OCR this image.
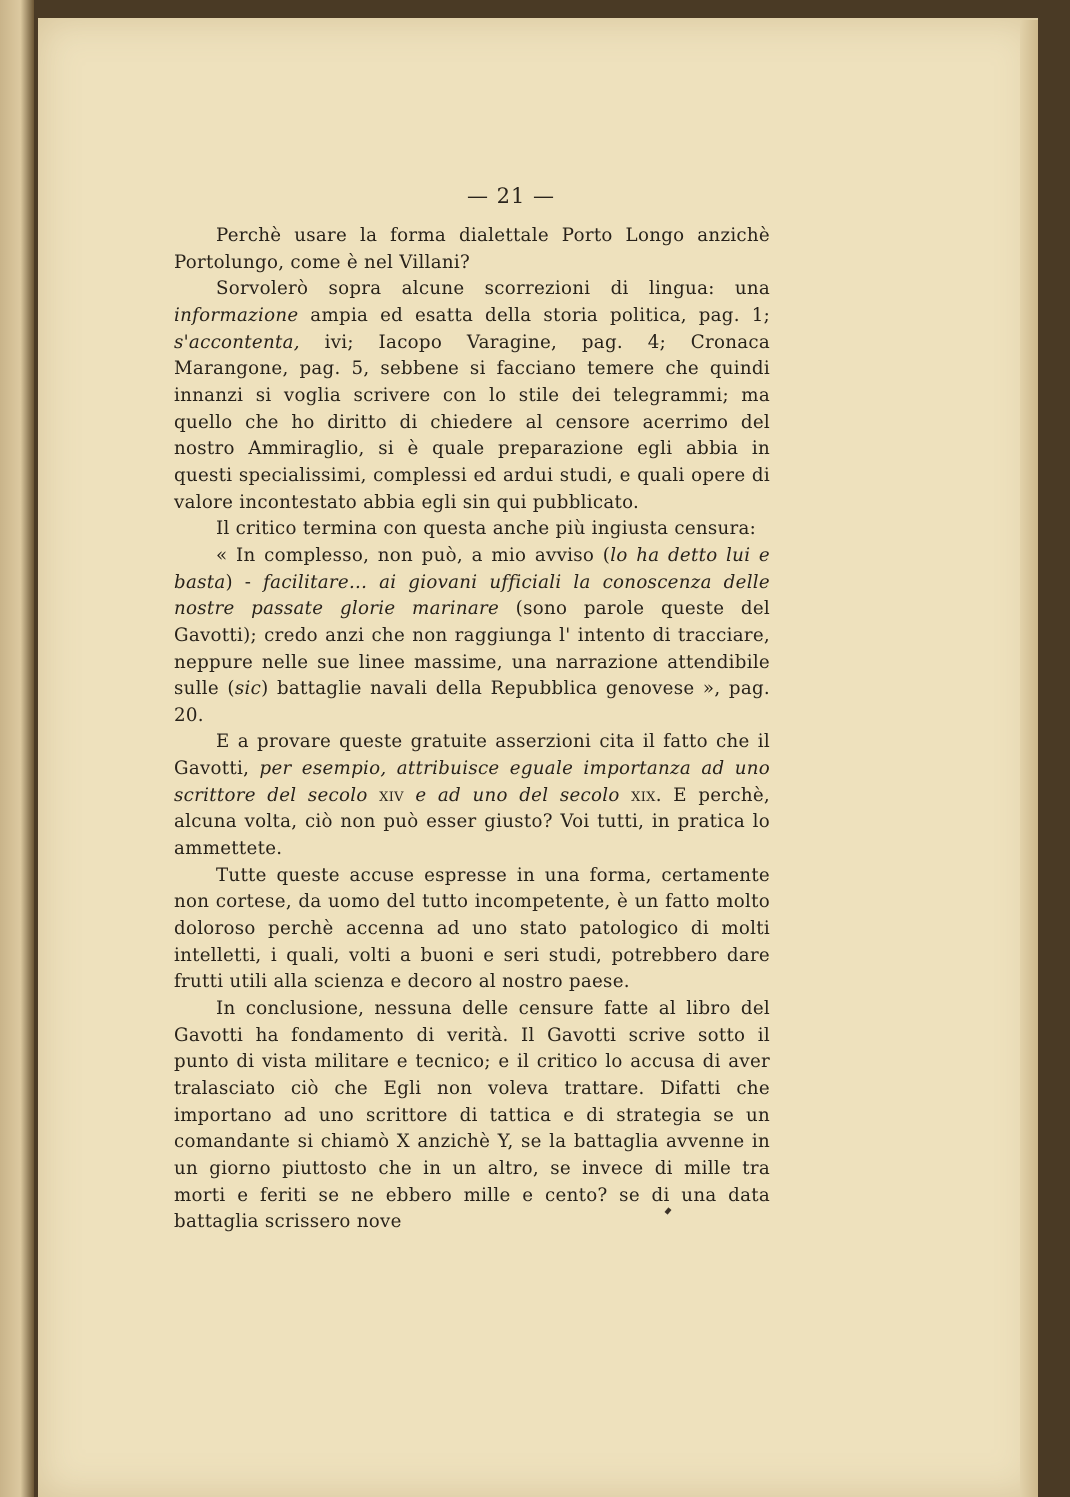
— 21 —

Perchè usare la forma dialettale Porto Longo anzichè Portolungo, come è nel Villani?

Sorvolerò sopra alcune scorrezioni di lingua: una informazione ampia ed esatta della storia politica, pag. 1; s'accontenta, ivi; Iacopo Varagine, pag. 4; Cronaca Marangone, pag. 5, sebbene si facciano temere che quindi innanzi si voglia scrivere con lo stile dei telegrammi; ma quello che ho diritto di chiedere al censore acerrimo del nostro Ammiraglio, si è quale preparazione egli abbia in questi specialissimi, complessi ed ardui studi, e quali opere di valore incontestato abbia egli sin qui pubblicato.

Il critico termina con questa anche più ingiusta censura:

« In complesso, non può, a mio avviso (lo ha detto lui e basta) - facilitare... ai giovani ufficiali la conoscenza delle nostre passate glorie marinare (sono parole queste del Gavotti); credo anzi che non raggiunga l' intento di tracciare, neppure nelle sue linee massime, una narrazione attendibile sulle (sic) battaglie navali della Repubblica genovese », pag. 20.

E a provare queste gratuite asserzioni cita il fatto che il Gavotti, per esempio, attribuisce eguale importanza ad uno scrittore del secolo xiv e ad uno del secolo xix. E perchè, alcuna volta, ciò non può esser giusto? Voi tutti, in pratica lo ammettete.

Tutte queste accuse espresse in una forma, certamente non cortese, da uomo del tutto incompetente, è un fatto molto doloroso perchè accenna ad uno stato patologico di molti intelletti, i quali, volti a buoni e seri studi, potrebbero dare frutti utili alla scienza e decoro al nostro paese.

In conclusione, nessuna delle censure fatte al libro del Gavotti ha fondamento di verità. Il Gavotti scrive sotto il punto di vista militare e tecnico; e il critico lo accusa di aver tralasciato ciò che Egli non voleva trattare. Difatti che importano ad uno scrittore di tattica e di strategia se un comandante si chiamò X anzichè Y, se la battaglia avvenne in un giorno piuttosto che in un altro, se invece di mille tra morti e feriti se ne ebbero mille e cento? se di una data battaglia scrissero nove
